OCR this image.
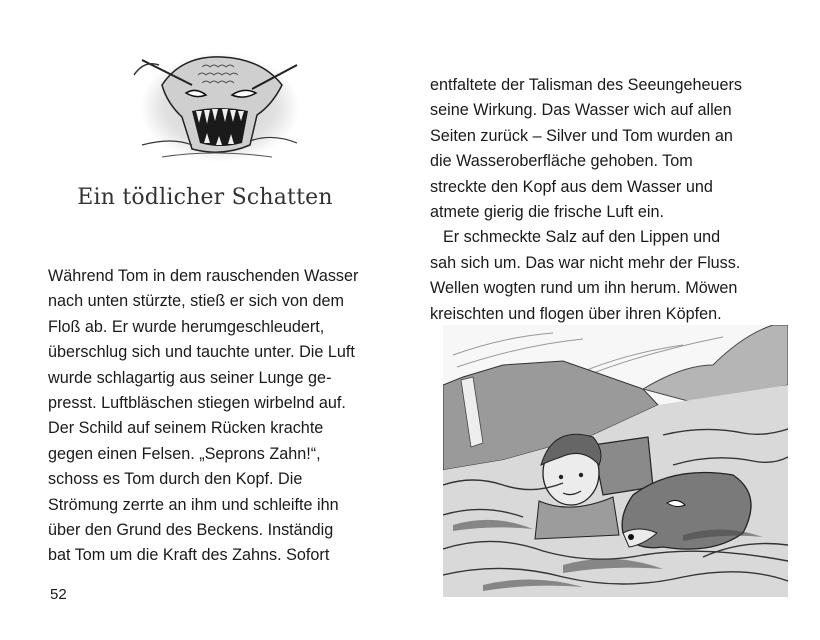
Ein tödlicher Schatten
Während Tom in dem rauschenden Wasser
nach unten stürzte, stieß er sich von dem
Floß ab. Er wurde herumgeschleudert,
überschlug sich und tauchte unter. Die Luft
wurde schlagartig aus seiner Lunge ge-
presst. Luftbläschen stiegen wirbelnd auf.
Der Schild auf seinem Rücken krachte
gegen einen Felsen. „Seprons Zahn!“,
schoss es Tom durch den Kopf. Die
Strömung zerrte an ihm und schleifte ihn
über den Grund des Beckens. Inständig
bat Tom um die Kraft des Zahns. Sofort
52
entfaltete der Talisman des Seeungeheuers
seine Wirkung. Das Wasser wich auf allen
Seiten zurück – Silver und Tom wurden an
die Wasseroberfläche gehoben. Tom
streckte den Kopf aus dem Wasser und
atmete gierig die frische Luft ein.
Er schmeckte Salz auf den Lippen und
sah sich um. Das war nicht mehr der Fluss.
Wellen wogten rund um ihn herum. Möwen
kreischten und flogen über ihren Köpfen.
